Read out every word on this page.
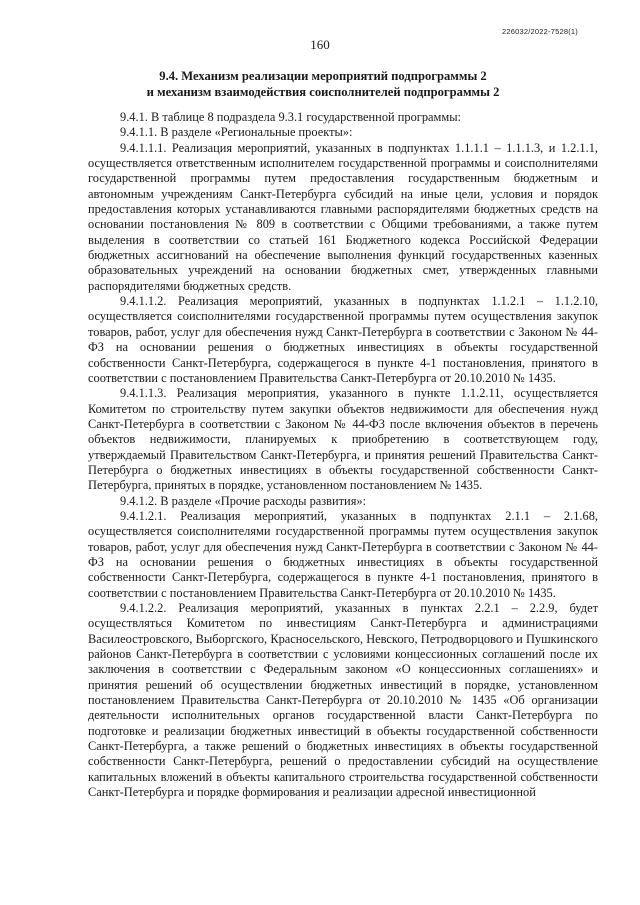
226032/2022-7528(1)
160
9.4. Механизм реализации мероприятий подпрограммы 2
и механизм взаимодействия соисполнителей подпрограммы 2

9.4.1. В таблице 8 подраздела 9.3.1 государственной программы:

9.4.1.1. В разделе «Региональные проекты»:

9.4.1.1.1. Реализация мероприятий, указанных в подпунктах 1.1.1.1 – 1.1.1.3, и 1.2.1.1, осуществляется ответственным исполнителем государственной программы и соисполнителями государственной программы путем предоставления государственным бюджетным и автономным учреждениям Санкт-Петербурга субсидий на иные цели, условия и порядок предоставления которых устанавливаются главными распорядителями бюджетных средств на основании постановления № 809 в соответствии с Общими требованиями, а также путем выделения в соответствии со статьей 161 Бюджетного кодекса Российской Федерации бюджетных ассигнований на обеспечение выполнения функций государственных казенных образовательных учреждений на основании бюджетных смет, утвержденных главными распорядителями бюджетных средств.

9.4.1.1.2. Реализация мероприятий, указанных в подпунктах 1.1.2.1 – 1.1.2.10, осуществляется соисполнителями государственной программы путем осуществления закупок товаров, работ, услуг для обеспечения нужд Санкт-Петербурга в соответствии с Законом № 44-ФЗ на основании решения о бюджетных инвестициях в объекты государственной собственности Санкт-Петербурга, содержащегося в пункте 4-1 постановления, принятого в соответствии с постановлением Правительства Санкт-Петербурга от 20.10.2010 № 1435.

9.4.1.1.3. Реализация мероприятия, указанного в пункте 1.1.2.11, осуществляется Комитетом по строительству путем закупки объектов недвижимости для обеспечения нужд Санкт-Петербурга в соответствии с Законом № 44-ФЗ после включения объектов в перечень объектов недвижимости, планируемых к приобретению в соответствующем году, утверждаемый Правительством Санкт-Петербурга, и принятия решений Правительства Санкт-Петербурга о бюджетных инвестициях в объекты государственной собственности Санкт-Петербурга, принятых в порядке, установленном постановлением № 1435.

9.4.1.2. В разделе «Прочие расходы развития»:

9.4.1.2.1. Реализация мероприятий, указанных в подпунктах 2.1.1 – 2.1.68, осуществляется соисполнителями государственной программы путем осуществления закупок товаров, работ, услуг для обеспечения нужд Санкт-Петербурга в соответствии с Законом № 44-ФЗ на основании решения о бюджетных инвестициях в объекты государственной собственности Санкт-Петербурга, содержащегося в пункте 4-1 постановления, принятого в соответствии с постановлением Правительства Санкт-Петербурга от 20.10.2010 № 1435.

9.4.1.2.2. Реализация мероприятий, указанных в пунктах 2.2.1 – 2.2.9, будет осуществляться Комитетом по инвестициям Санкт-Петербурга и администрациями Василеостровского, Выборгского, Красносельского, Невского, Петродворцового и Пушкинского районов Санкт-Петербурга в соответствии с условиями концессионных соглашений после их заключения в соответствии с Федеральным законом «О концессионных соглашениях» и принятия решений об осуществлении бюджетных инвестиций в порядке, установленном постановлением Правительства Санкт-Петербурга от 20.10.2010 № 1435 «Об организации деятельности исполнительных органов государственной власти Санкт-Петербурга по подготовке и реализации бюджетных инвестиций в объекты государственной собственности Санкт-Петербурга, а также решений о бюджетных инвестициях в объекты государственной собственности Санкт-Петербурга, решений о предоставлении субсидий на осуществление капитальных вложений в объекты капитального строительства государственной собственности Санкт-Петербурга и порядке формирования и реализации адресной инвестиционной
